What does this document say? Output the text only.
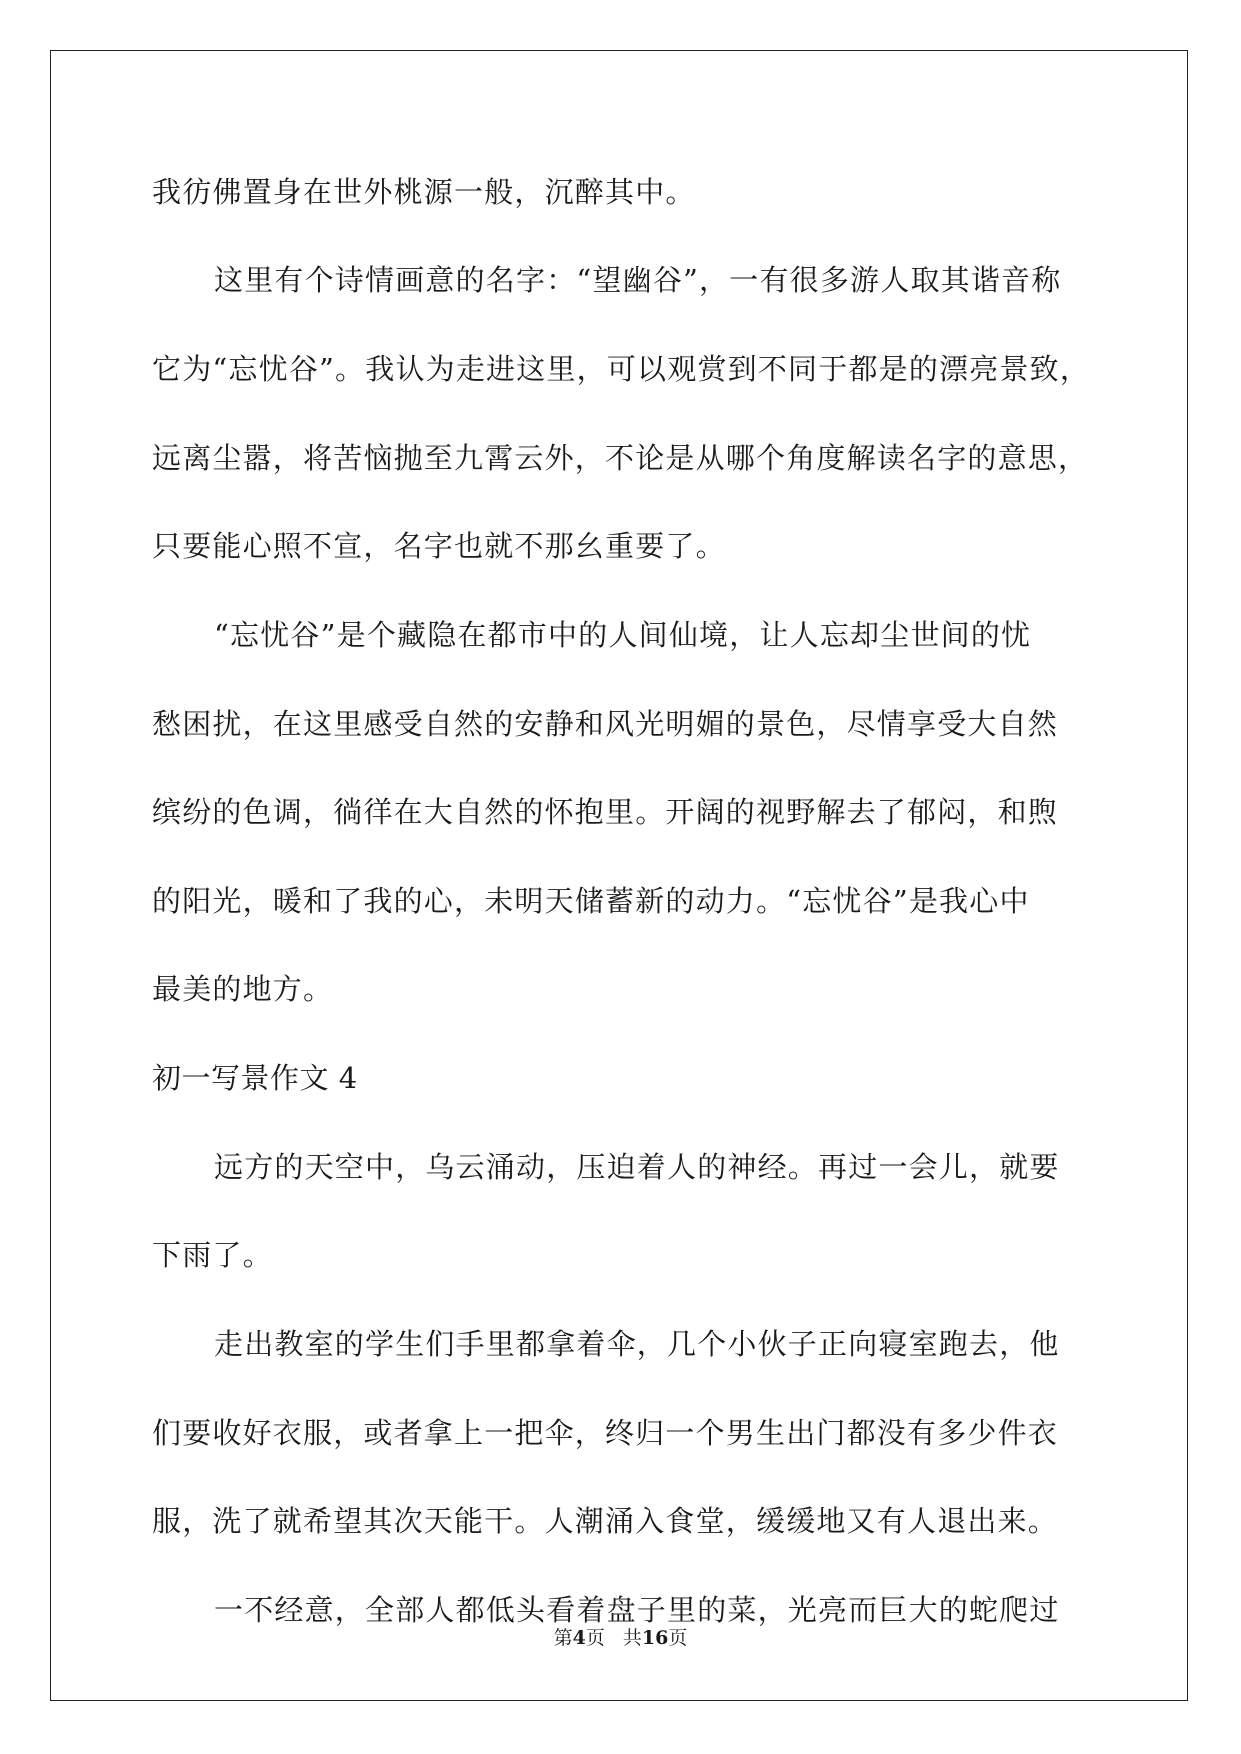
我彷佛置身在世外桃源一般，沉醉其中。
这里有个诗情画意的名字：“望幽谷”，一有很多游人取其谐音称
它为“忘忧谷”。我认为走进这里，可以观赏到不同于都是的漂亮景致，
远离尘嚣，将苦恼抛至九霄云外，不论是从哪个角度解读名字的意思，
只要能心照不宣，名字也就不那幺重要了。
“忘忧谷”是个藏隐在都市中的人间仙境，让人忘却尘世间的忧
愁困扰，在这里感受自然的安静和风光明媚的景色，尽情享受大自然
缤纷的色调，徜徉在大自然的怀抱里。开阔的视野解去了郁闷，和煦
的阳光，暖和了我的心，未明天储蓄新的动力。“忘忧谷”是我心中
最美的地方。
初一写景作文 4
远方的天空中，乌云涌动，压迫着人的神经。再过一会儿，就要
下雨了。
走出教室的学生们手里都拿着伞，几个小伙子正向寝室跑去，他
们要收好衣服，或者拿上一把伞，终归一个男生出门都没有多少件衣
服，洗了就希望其次天能干。人潮涌入食堂，缓缓地又有人退出来。
一不经意，全部人都低头看着盘子里的菜，光亮而巨大的蛇爬过
第4页 共16页
